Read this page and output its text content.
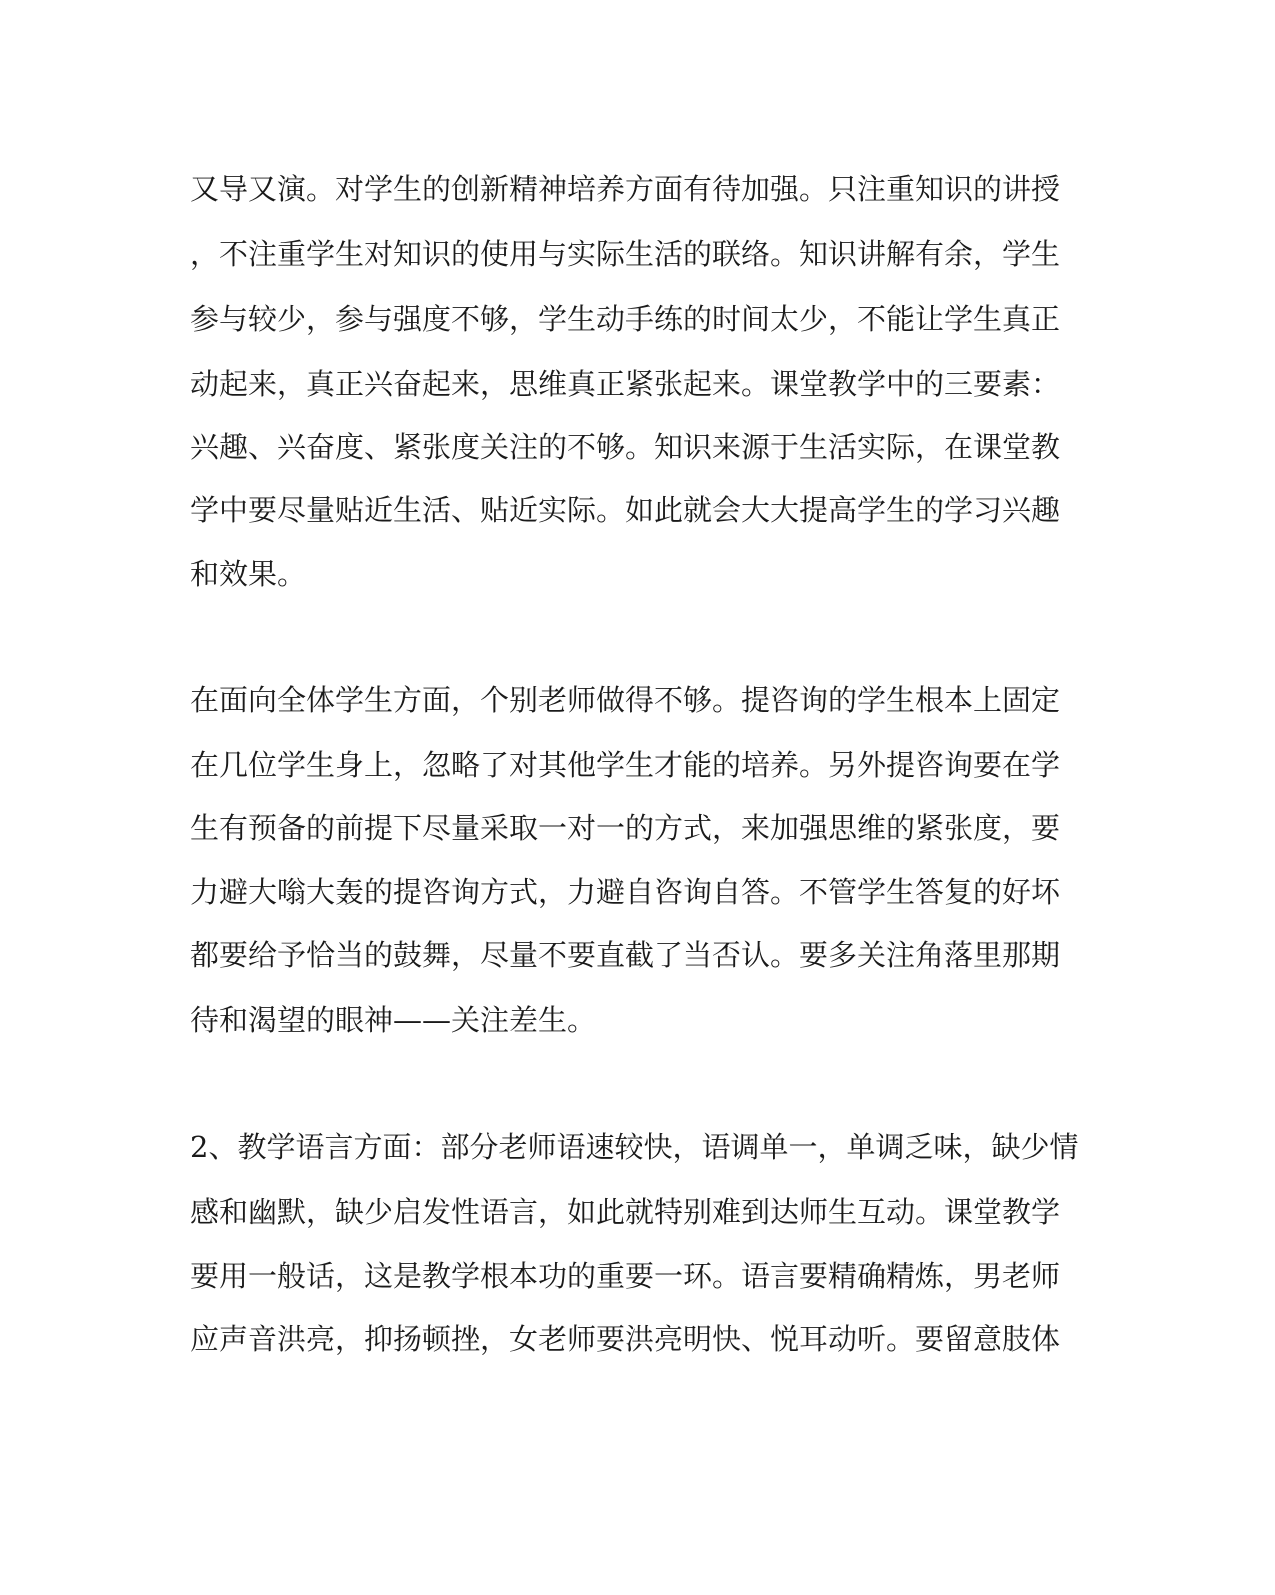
又导又演。对学生的创新精神培养方面有待加强。只注重知识的讲授
，不注重学生对知识的使用与实际生活的联络。知识讲解有余，学生
参与较少，参与强度不够，学生动手练的时间太少，不能让学生真正
动起来，真正兴奋起来，思维真正紧张起来。课堂教学中的三要素：
兴趣、兴奋度、紧张度关注的不够。知识来源于生活实际，在课堂教
学中要尽量贴近生活、贴近实际。如此就会大大提高学生的学习兴趣
和效果。
在面向全体学生方面，个别老师做得不够。提咨询的学生根本上固定
在几位学生身上，忽略了对其他学生才能的培养。另外提咨询要在学
生有预备的前提下尽量采取一对一的方式，来加强思维的紧张度，要
力避大嗡大轰的提咨询方式，力避自咨询自答。不管学生答复的好坏
都要给予恰当的鼓舞，尽量不要直截了当否认。要多关注角落里那期
待和渴望的眼神——关注差生。
2、教学语言方面：部分老师语速较快，语调单一，单调乏味，缺少情
感和幽默，缺少启发性语言，如此就特别难到达师生互动。课堂教学
要用一般话，这是教学根本功的重要一环。语言要精确精炼，男老师
应声音洪亮，抑扬顿挫，女老师要洪亮明快、悦耳动听。要留意肢体
